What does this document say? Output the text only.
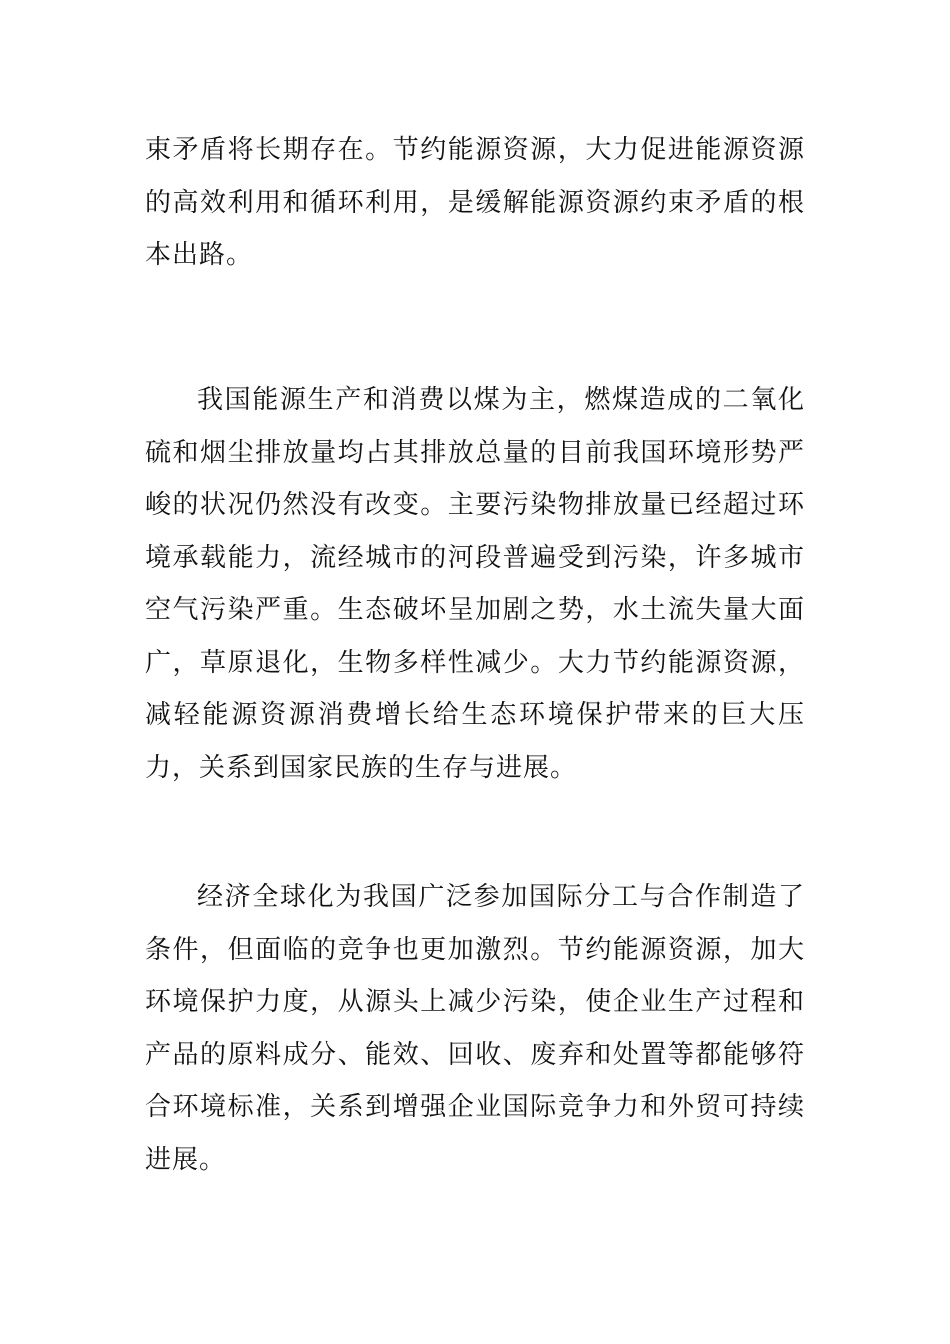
束矛盾将长期存在。节约能源资源，大力促进能源资源的高效利用和循环利用，是缓解能源资源约束矛盾的根本出路。

我国能源生产和消费以煤为主，燃煤造成的二氧化硫和烟尘排放量均占其排放总量的目前我国环境形势严峻的状况仍然没有改变。主要污染物排放量已经超过环境承载能力，流经城市的河段普遍受到污染，许多城市空气污染严重。生态破坏呈加剧之势，水土流失量大面广，草原退化，生物多样性减少。大力节约能源资源，减轻能源资源消费增长给生态环境保护带来的巨大压力，关系到国家民族的生存与进展。

经济全球化为我国广泛参加国际分工与合作制造了条件，但面临的竞争也更加激烈。节约能源资源，加大环境保护力度，从源头上减少污染，使企业生产过程和产品的原料成分、能效、回收、废弃和处置等都能够符合环境标准，关系到增强企业国际竞争力和外贸可持续进展。
